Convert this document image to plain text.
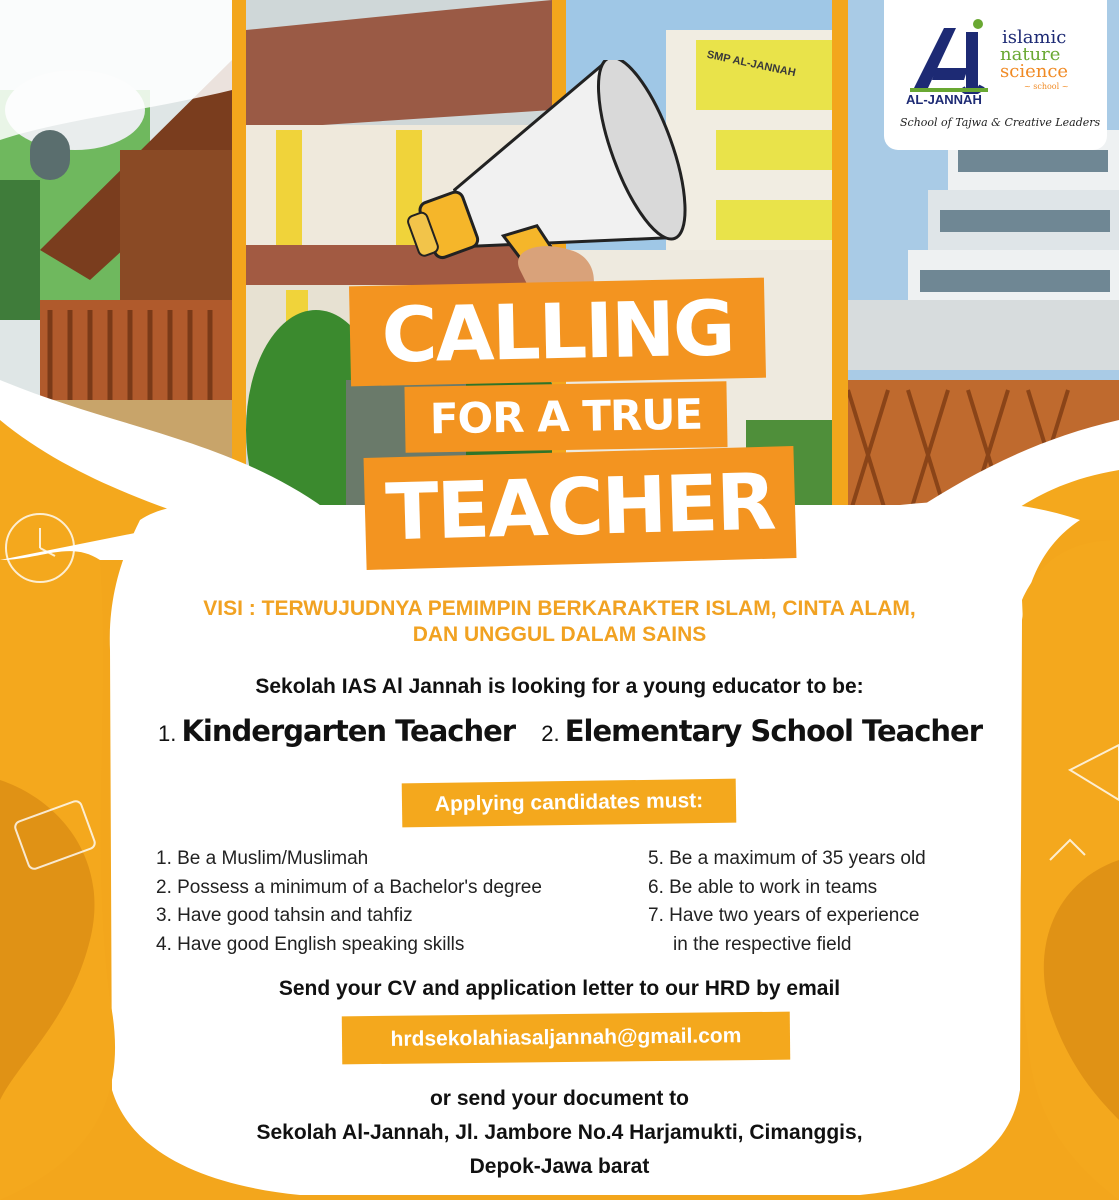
SMP AL-JANNAH
AL-JANNAH
islamic
nature
science
~ school ~
School of Tajwa & Creative Leaders
CALLING
FOR A TRUE
TEACHER
VISI : TERWUJUDNYA PEMIMPIN BERKARAKTER ISLAM, CINTA ALAM,
DAN UNGGUL DALAM SAINS
Sekolah IAS Al Jannah is looking for a young educator to be:
1. Kindergarten Teacher 2. Elementary School Teacher
Applying candidates must:
1. Be a Muslim/Muslimah
2. Possess a minimum of a Bachelor's degree
3. Have good tahsin and tahfiz
4. Have good English speaking skills
5. Be a maximum of 35 years old
6. Be able to work in teams
7. Have two years of experience
in the respective field
Send your CV and application letter to our HRD by email
hrdsekolahiasaljannah@gmail.com
or send your document to
Sekolah Al-Jannah, Jl. Jambore No.4 Harjamukti, Cimanggis,
Depok-Jawa barat
